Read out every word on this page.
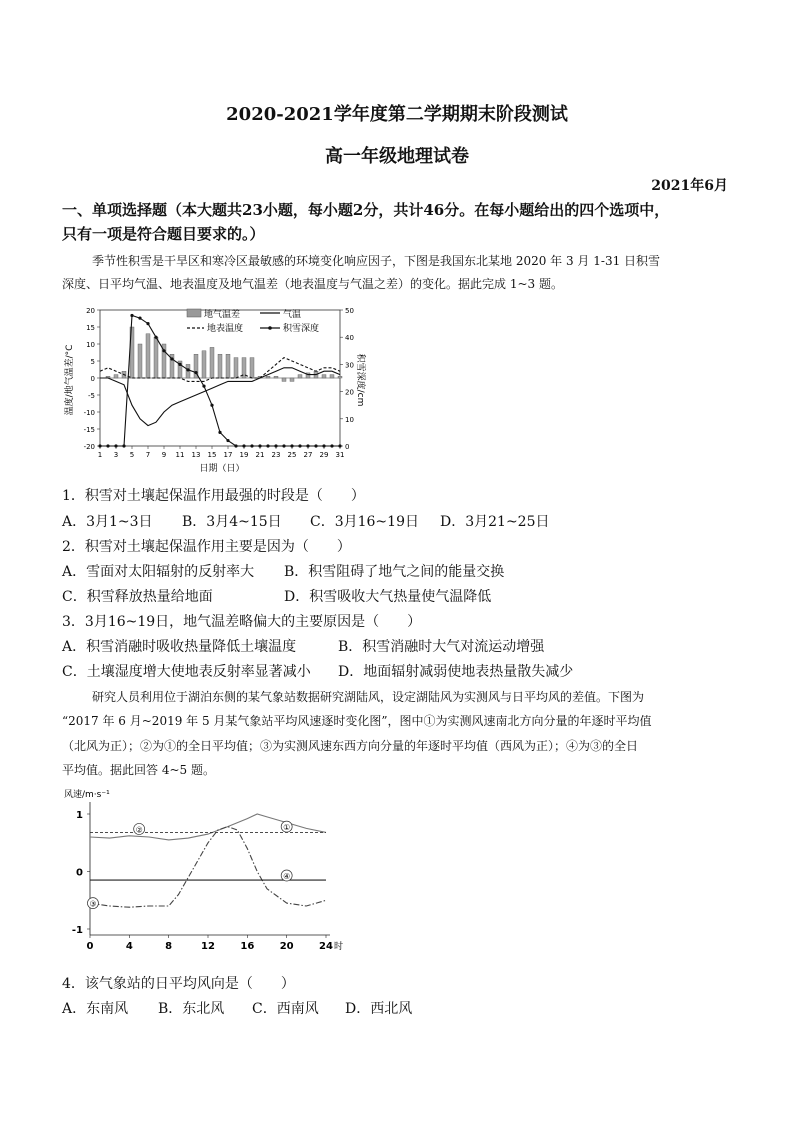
2020-2021学年度第二学期期末阶段测试
高一年级地理试卷
2021年6月
一、单项选择题（本大题共23小题，每小题2分，共计46分。在每小题给出的四个选项中，
只有一项是符合题目要求的。）
季节性积雪是干旱区和寒冷区最敏感的环境变化响应因子，下图是我国东北某地 2020 年 3 月 1-31 日积雪
深度、日平均气温、地表温度及地气温差（地表温度与气温之差）的变化。据此完成 1~3 题。
20
15
10
5
0
-5
-10
-15
-20
50
40
30
20
10
0
1 3 5 7 9 11 13 15 17 19 21 23 25 27 29 31
地气温差	气温
地表温度	积雪深度
温度/地气温差/°C	积雪深度/cm
日期（日）
1．积雪对土壤起保温作用最强的时段是（　　）
A．3月1~3日 B．3月4~15日 C．3月16~19日 D．3月21~25日
2．积雪对土壤起保温作用主要是因为（　　）
A．雪面对太阳辐射的反射率大 B．积雪阻碍了地气之间的能量交换
C．积雪释放热量给地面	D．积雪吸收大气热量使气温降低
3．3月16~19日，地气温差略偏大的主要原因是（　　）
A．积雪消融时吸收热量降低土壤温度	B．积雪消融时大气对流运动增强
C．土壤湿度增大使地表反射率显著减小 D．地面辐射减弱使地表热量散失减少
研究人员利用位于湖泊东侧的某气象站数据研究湖陆风，设定湖陆风为实测风与日平均风的差值。下图为
“2017 年 6 月~2019 年 5 月某气象站平均风速逐时变化图”，图中①为实测风速南北方向分量的年逐时平均值
（北风为正）；②为①的全日平均值；③为实测风速东西方向分量的年逐时平均值（西风为正）；④为③的全日
平均值。据此回答 4~5 题。
1
0
-1
0	4	8	12	16	20	24 时
①
②
③
④
风速/m·s⁻¹
4．该气象站的日平均风向是（　　）
A．东南风 B．东北风 C．西南风 D．西北风
